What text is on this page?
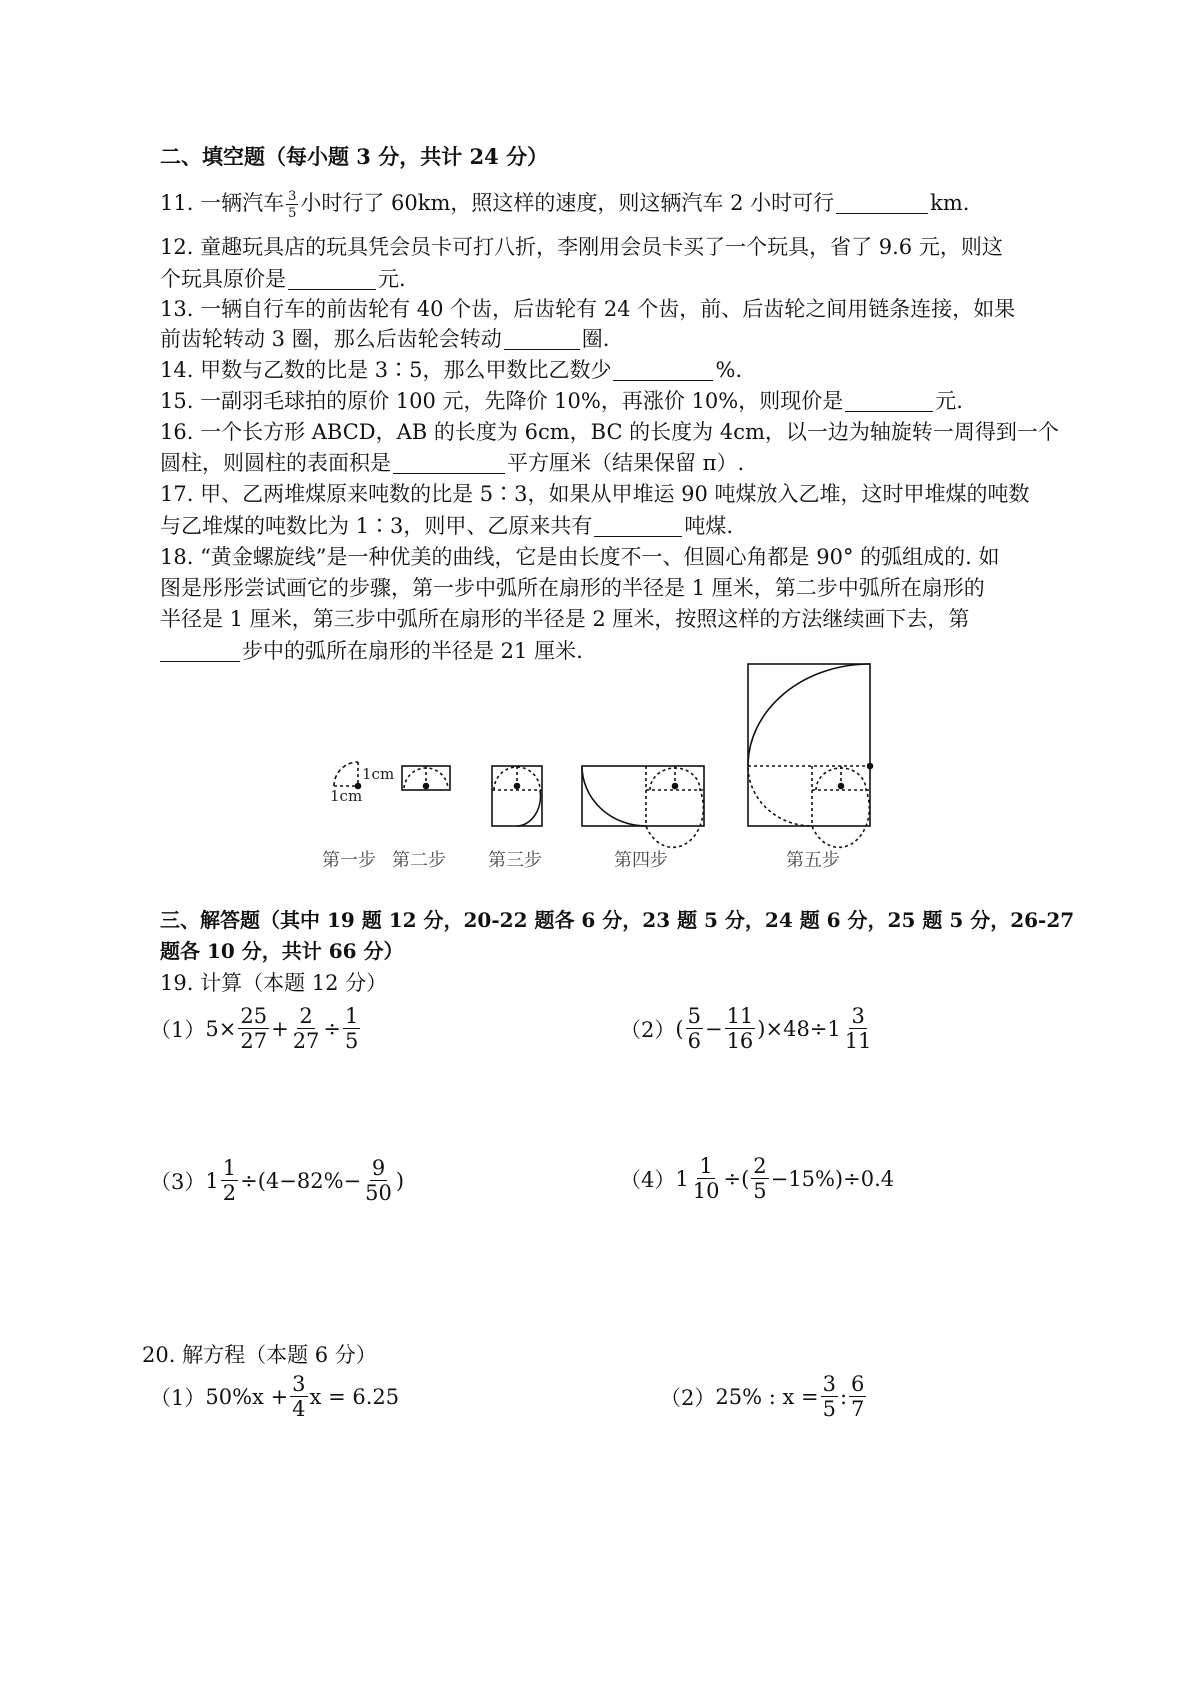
二、填空题（每小题 3 分，共计 24 分）
11. 一辆汽车 $\frac{3}{5}$ 小时行了 60km，照这样的速度，则这辆汽车 2 小时可行	km.
12. 童趣玩具店的玩具凭会员卡可打八折，李刚用会员卡买了一个玩具，省了 9.6 元，则这
个玩具原价是	元.
13. 一辆自行车的前齿轮有 40 个齿，后齿轮有 24 个齿，前、后齿轮之间用链条连接，如果
前齿轮转动 3 圈，那么后齿轮会转动	圈.
14. 甲数与乙数的比是 3∶5，那么甲数比乙数少	%.
15. 一副羽毛球拍的原价 100 元，先降价 10%，再涨价 10%，则现价是	元.
16. 一个长方形 ABCD，AB 的长度为 6cm，BC 的长度为 4cm，以一边为轴旋转一周得到一个
圆柱，则圆柱的表面积是	平方厘米（结果保留 π）.
17. 甲、乙两堆煤原来吨数的比是 5∶3，如果从甲堆运 90 吨煤放入乙堆，这时甲堆煤的吨数
与乙堆煤的吨数比为 1∶3，则甲、乙原来共有	吨煤.
18. “黄金螺旋线”是一种优美的曲线，它是由长度不一、但圆心角都是 90° 的弧组成的. 如
图是彤彤尝试画它的步骤，第一步中弧所在扇形的半径是 1 厘米，第二步中弧所在扇形的
半径是 1 厘米，第三步中弧所在扇形的半径是 2 厘米，按照这样的方法继续画下去，第
步中的弧所在扇形的半径是 21 厘米.
1cm
1cm
第一步 第二步 第三步	第四步	第五步
三、解答题（其中 19 题 12 分，20-22 题各 6 分，23 题 5 分，24 题 6 分，25 题 5 分，26-27
题各 10 分，共计 66 分）
19. 计算（本题 12 分）
（1） $5\times \frac{25}{27} + \frac{2}{27} \div \frac{1}{5}$	（2） ( $\frac{5}{6} - \frac{11}{16} )\times 48\div 1 \frac{3}{11}$
（3） $1 \frac{1}{2} \div(4-82\%- \frac{9}{50}$ )	（4） $1 \frac{1}{10}$ ÷( $\frac{2}{5} -15\%)\div 0.4$
20. 解方程（本题 6 分）
（1） $50\%x + \frac{3}{4}$ x = 6.25	（2） 25% : $x = \frac{3}{5}$ : $\frac{6}{7}$
